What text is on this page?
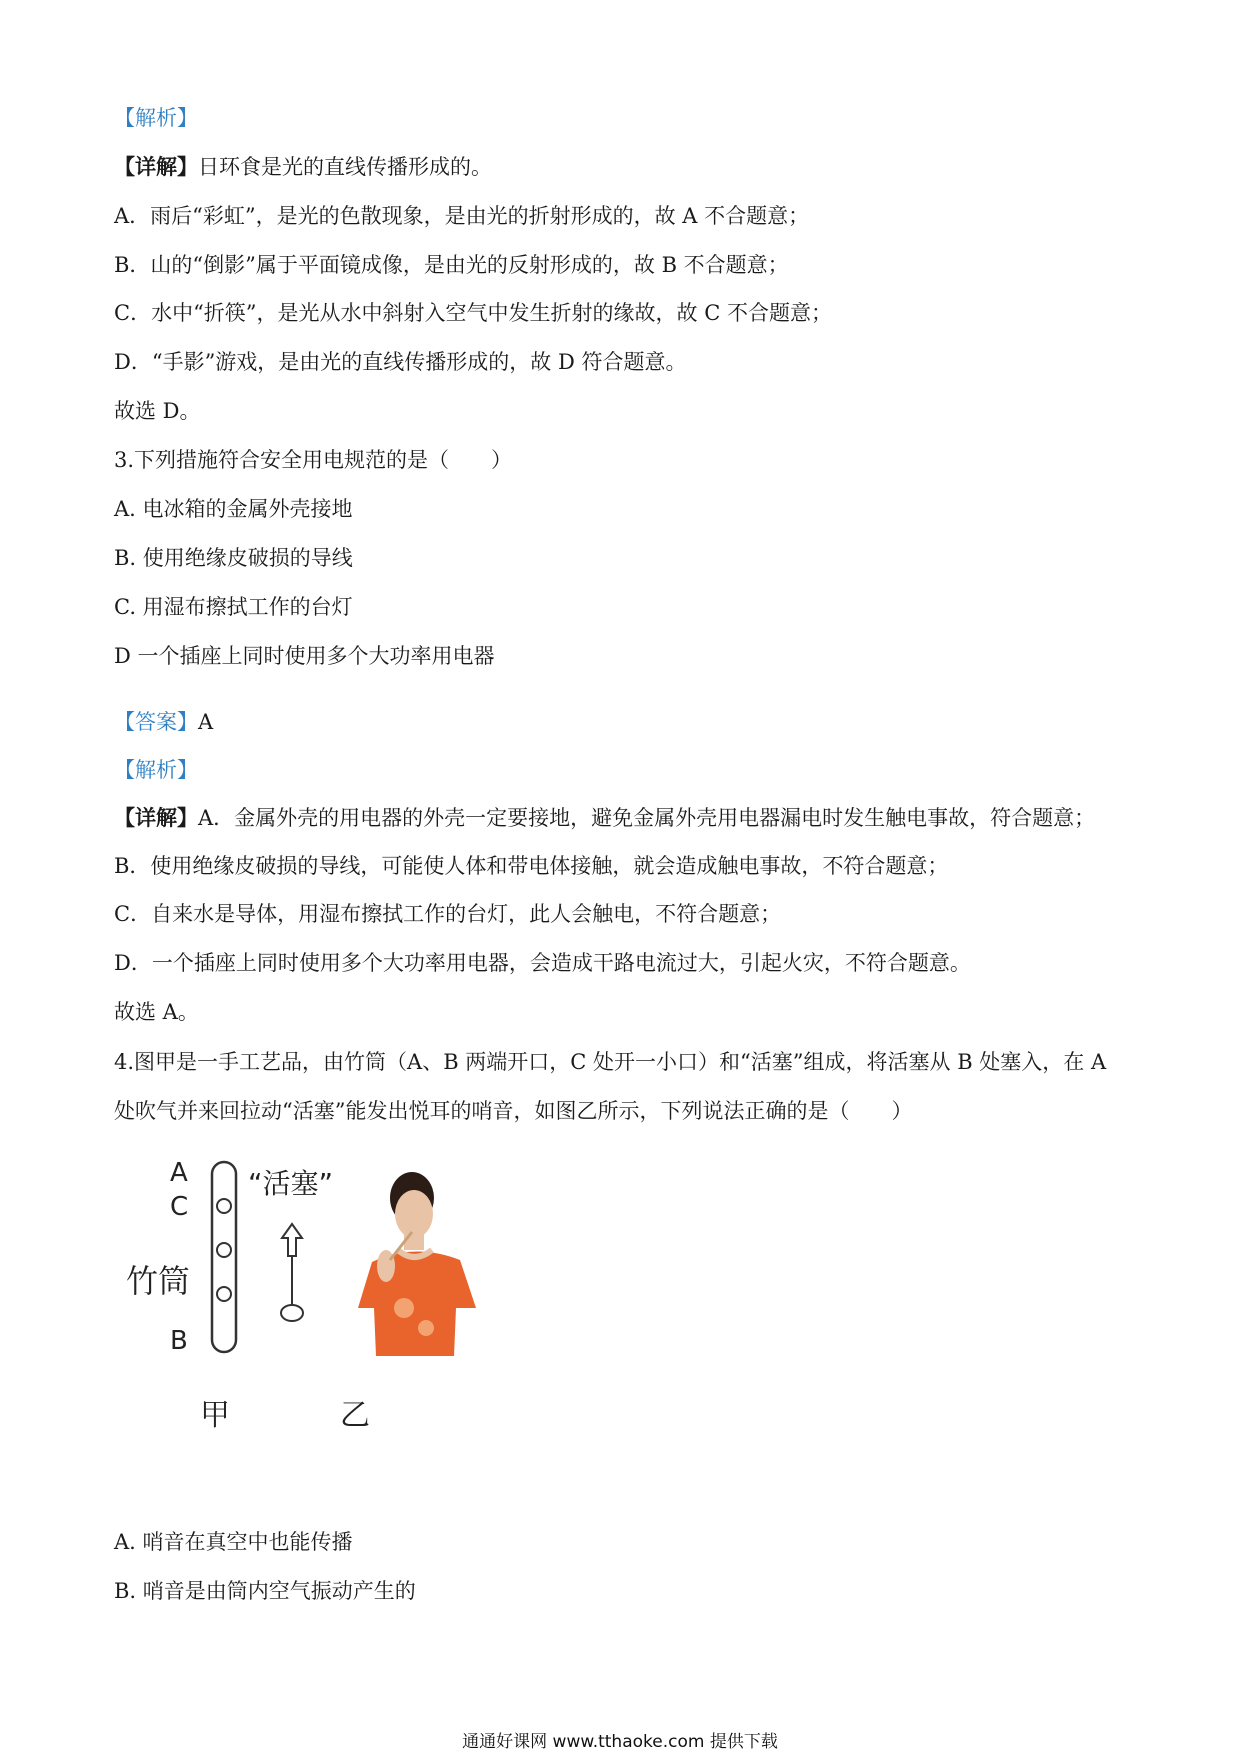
【解析】
【详解】日环食是光的直线传播形成的。
A．雨后“彩虹”，是光的色散现象，是由光的折射形成的，故 A 不合题意；
B．山的“倒影”属于平面镜成像，是由光的反射形成的，故 B 不合题意；
C．水中“折筷”，是光从水中斜射入空气中发生折射的缘故，故 C 不合题意；
D．“手影”游戏，是由光的直线传播形成的，故 D 符合题意。
故选 D。
3.下列措施符合安全用电规范的是（　　）
A. 电冰箱的金属外壳接地
B. 使用绝缘皮破损的导线
C. 用湿布擦拭工作的台灯
D 一个插座上同时使用多个大功率用电器
【答案】A
【解析】
【详解】A．金属外壳的用电器的外壳一定要接地，避免金属外壳用电器漏电时发生触电事故，符合题意；
B．使用绝缘皮破损的导线，可能使人体和带电体接触，就会造成触电事故，不符合题意；
C．自来水是导体，用湿布擦拭工作的台灯，此人会触电，不符合题意；
D．一个插座上同时使用多个大功率用电器，会造成干路电流过大，引起火灾，不符合题意。
故选 A。
4.图甲是一手工艺品，由竹筒（A、B 两端开口，C 处开一小口）和“活塞”组成，将活塞从 B 处塞入，在 A
处吹气并来回拉动“活塞”能发出悦耳的哨音，如图乙所示，下列说法正确的是（　　）
A
C
竹筒
B
“活塞”
甲	乙
A. 哨音在真空中也能传播
B. 哨音是由筒内空气振动产生的
通通好课网 www.tthaoke.com 提供下载
